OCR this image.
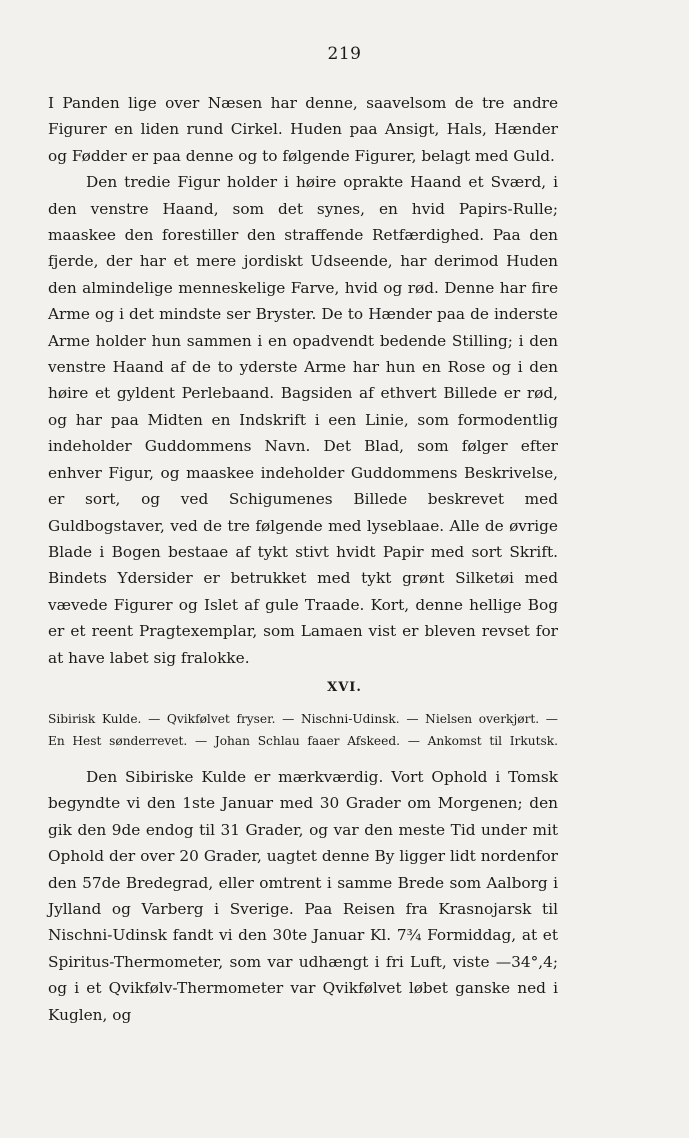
219

I Panden lige over Næsen har denne, saavelsom de tre andre Figurer en liden rund Cirkel. Huden paa Ansigt, Hals, Hænder og Fødder er paa denne og to følgende Figurer, belagt med Guld.

Den tredie Figur holder i høire oprakte Haand et Sværd, i den venstre Haand, som det synes, en hvid Papirs-Rulle; maaskee den forestiller den straffende Retfærdighed. Paa den fjerde, der har et mere jordiskt Udseende, har derimod Huden den almindelige menneskelige Farve, hvid og rød. Denne har fire Arme og i det mindste ser Bryster. De to Hænder paa de inderste Arme holder hun sammen i en opadvendt bedende Stilling; i den venstre Haand af de to yderste Arme har hun en Rose og i den høire et gyldent Perlebaand. Bagsiden af ethvert Billede er rød, og har paa Midten en Indskrift i een Linie, som formodentlig indeholder Guddommens Navn. Det Blad, som følger efter enhver Figur, og maaskee indeholder Guddommens Beskrivelse, er sort, og ved Schigumenes Billede beskrevet med Guldbogstaver, ved de tre følgende med lyseblaae. Alle de øvrige Blade i Bogen bestaae af tykt stivt hvidt Papir med sort Skrift. Bindets Ydersider er betrukket med tykt grønt Silketøi med vævede Figurer og Islet af gule Traade. Kort, denne hellige Bog er et reent Pragtexemplar, som Lamaen vist er bleven revset for at have labet sig fralokke.

XVI.
Sibirisk Kulde. — Qvikfølvet fryser. — Nischni-Udinsk. — Nielsen overkjørt. —
En Hest sønderrevet. — Johan Schlau faaer Afskeed. — Ankomst til Irkutsk.

Den Sibiriske Kulde er mærkværdig. Vort Ophold i Tomsk begyndte vi den 1ste Januar med 30 Grader om Morgenen; den gik den 9de endog til 31 Grader, og var den meste Tid under mit Ophold der over 20 Grader, uagtet denne By ligger lidt nordenfor den 57de Bredegrad, eller omtrent i samme Brede som Aalborg i Jylland og Varberg i Sverige. Paa Reisen fra Krasnojarsk til Nischni-Udinsk fandt vi den 30te Januar Kl. 7¾ Formiddag, at et Spiritus-Thermometer, som var udhængt i fri Luft, viste —34°,4; og i et Qvikfølv-Thermometer var Qvikfølvet løbet ganske ned i Kuglen, og
